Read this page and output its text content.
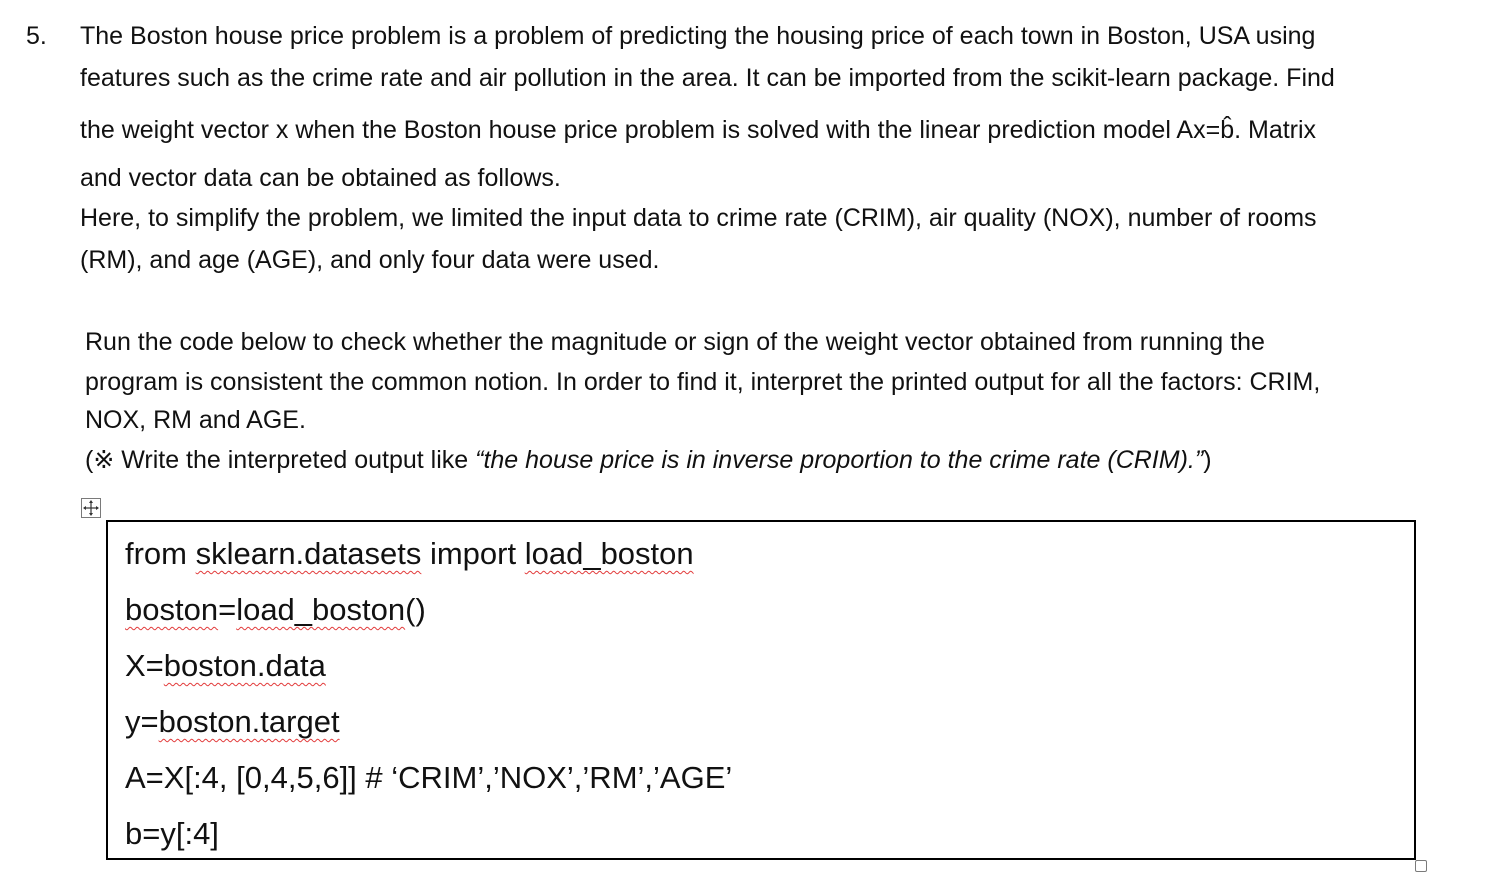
5. The Boston house price problem is a problem of predicting the housing price of each town in Boston, USA using
features such as the crime rate and air pollution in the area. It can be imported from the scikit-learn package. Find
the weight vector x when the Boston house price problem is solved with the linear prediction model Ax=b̂. Matrix
and vector data can be obtained as follows.
Here, to simplify the problem, we limited the input data to crime rate (CRIM), air quality (NOX), number of rooms
(RM), and age (AGE), and only four data were used.
Run the code below to check whether the magnitude or sign of the weight vector obtained from running the
program is consistent the common notion. In order to find it, interpret the printed output for all the factors: CRIM,
NOX, RM and AGE.
(※ Write the interpreted output like “the house price is in inverse proportion to the crime rate (CRIM).”)
from sklearn.datasets import load_boston
boston=load_boston()
X=boston.data
y=boston.target
A=X[:4, [0,4,5,6]] # ‘CRIM’,’NOX’,’RM’,’AGE’
b=y[:4]
